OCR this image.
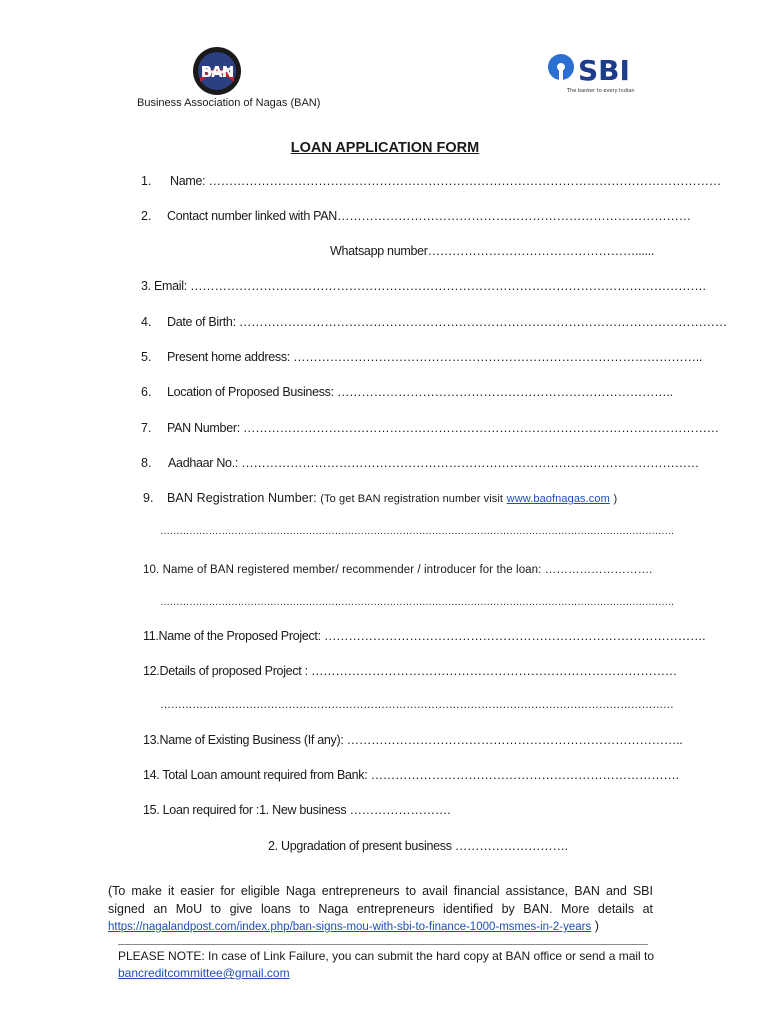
BAN
Business Association of Nagas (BAN)
SBI
The banker to every Indian
LOAN APPLICATION FORM
1. Name: ………………………………………………………………………………………………………………
2. Contact number linked with PAN……………………………………………………………………………
Whatsapp number……………………………………………......
3. Email: ……………………………………………………………………………………………………………….
4. Date of Birth: …………………………………………………………………………………………………………
5. Present home address: ………………………………………………………………………………………..
6. Location of Proposed Business: ………………………………………………………………………..
7. PAN Number: ………………………………………………………………………………………………………
8. Aadhaar No.: …………………………………………………………………………..………………………
9. BAN Registration Number: (To get BAN registration number visit www.baofnagas.com )
……………………………………………………………………………………………………………………………………………
10. Name of BAN registered member/ recommender / introducer for the loan: ……………………….
……………………………………………………………………………………………………………………………………………
11.Name of the Proposed Project: ………………………………………………………………………………….
12.Details of proposed Project : ………………………………………………………………………………
………………………………………………………………………………………………………………………………
13.Name of Existing Business (If any): ………………………………………………………………………..
14. Total Loan amount required from Bank: ………………………………………………………………….
15. Loan required for :1. New business …………………….
2. Upgradation of present business ……………………….
(To make it easier for eligible Naga entrepreneurs to avail financial assistance, BAN and SBI signed an MoU to give loans to Naga entrepreneurs identified by BAN. More details at https://nagalandpost.com/index.php/ban-signs-mou-with-sbi-to-finance-1000-msmes-in-2-years )
PLEASE NOTE: In case of Link Failure, you can submit the hard copy at BAN office or send a mail to
bancreditcommittee@gmail.com
